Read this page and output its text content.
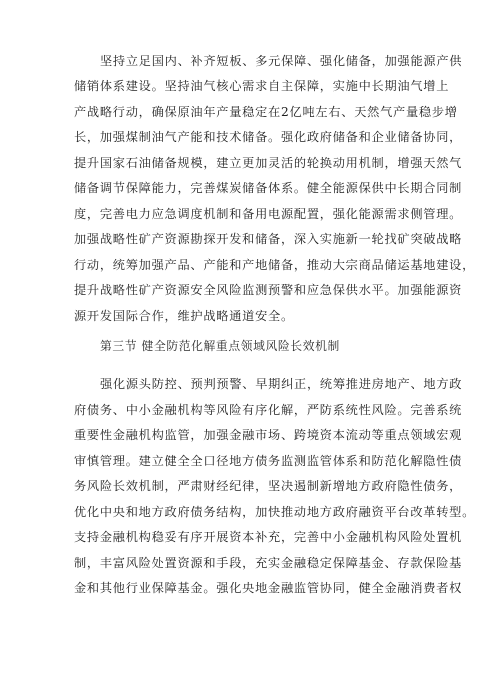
坚持立足国内、补齐短板、多元保障、强化储备，加强能源产供
储销体系建设。坚持油气核心需求自主保障，实施中长期油气增上
产战略行动，确保原油年产量稳定在2亿吨左右、天然气产量稳步增
长，加强煤制油气产能和技术储备。强化政府储备和企业储备协同，
提升国家石油储备规模，建立更加灵活的轮换动用机制，增强天然气
储备调节保障能力，完善煤炭储备体系。健全能源保供中长期合同制
度，完善电力应急调度机制和备用电源配置，强化能源需求侧管理。
加强战略性矿产资源勘探开发和储备，深入实施新一轮找矿突破战略
行动，统筹加强产品、产能和产地储备，推动大宗商品储运基地建设，
提升战略性矿产资源安全风险监测预警和应急保供水平。加强能源资
源开发国际合作，维护战略通道安全。
第三节 健全防范化解重点领域风险长效机制
强化源头防控、预判预警、早期纠正，统筹推进房地产、地方政
府债务、中小金融机构等风险有序化解，严防系统性风险。完善系统
重要性金融机构监管，加强金融市场、跨境资本流动等重点领域宏观
审慎管理。建立健全全口径地方债务监测监管体系和防范化解隐性债
务风险长效机制，严肃财经纪律，坚决遏制新增地方政府隐性债务，
优化中央和地方政府债务结构，加快推动地方政府融资平台改革转型。
支持金融机构稳妥有序开展资本补充，完善中小金融机构风险处置机
制，丰富风险处置资源和手段，充实金融稳定保障基金、存款保险基
金和其他行业保障基金。强化央地金融监管协同，健全金融消费者权
